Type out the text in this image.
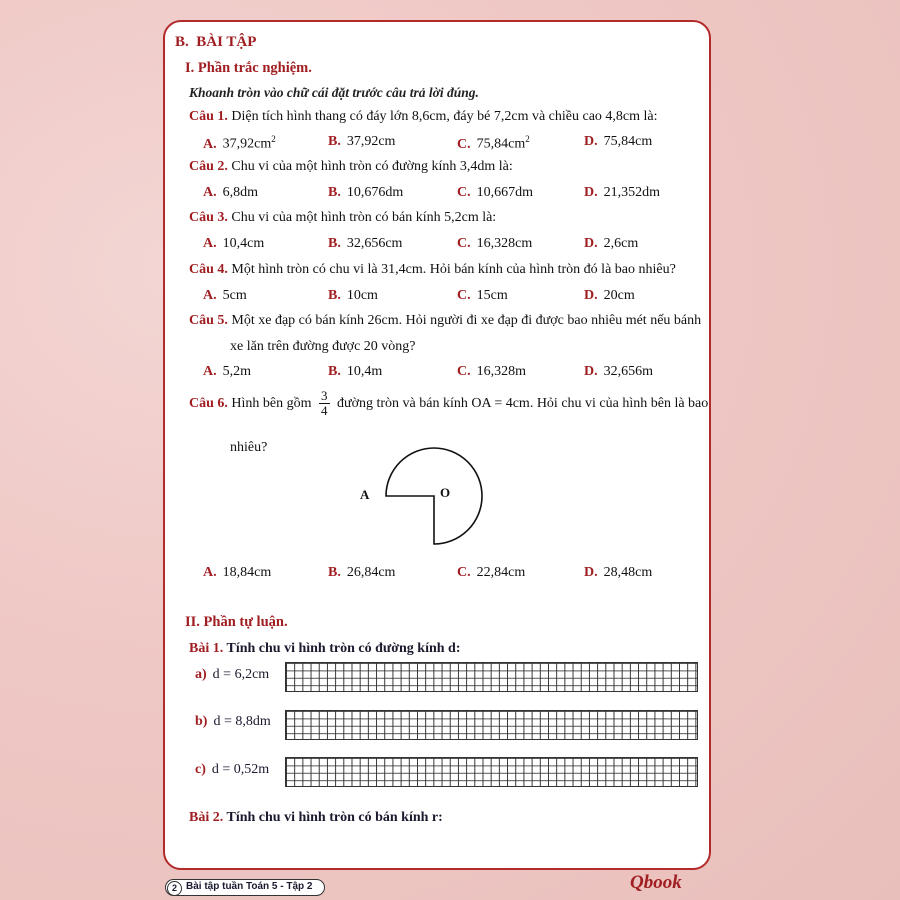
B. BÀI TẬP
I. Phần trắc nghiệm.
Khoanh tròn vào chữ cái đặt trước câu trả lời đúng.
Câu 1. Diện tích hình thang có đáy lớn 8,6cm, đáy bé 7,2cm và chiều cao 4,8cm là:
A. $37,92cm^2$	B. 37,92cm	C. $75,84cm^2$	D. 75,84cm
Câu 2. Chu vi của một hình tròn có đường kính 3,4dm là:
A. 6,8dm	B. 10,676dm	C. 10,667dm	D. 21,352dm
Câu 3. Chu vi của một hình tròn có bán kính 5,2cm là:
A. 10,4cm	B. 32,656cm	C. 16,328cm	D. 2,6cm
Câu 4. Một hình tròn có chu vi là 31,4cm. Hỏi bán kính của hình tròn đó là bao nhiêu?
A. 5cm	B. 10cm	C. 15cm	D. 20cm
Câu 5. Một xe đạp có bán kính 26cm. Hỏi người đi xe đạp đi được bao nhiêu mét nếu bánh
xe lăn trên đường được 20 vòng?
A. 5,2m	B. 10,4m	C. 16,328m	D. 32,656m
Câu 6. Hình bên gồm $\frac{3}{4}$ đường tròn và bán kính OA = 4cm. Hỏi chu vi của hình bên là bao
nhiêu?
A	O
A. 18,84cm	B. 26,84cm	C. 22,84cm	D. 28,48cm
II. Phần tự luận.
Bài 1. Tính chu vi hình tròn có đường kính d:
a) d = 6,2cm
b) d = 8,8dm
c) d = 0,52m
Bài 2. Tính chu vi hình tròn có bán kính r:
2 Bài tập tuần Toán 5 - Tập 2	Qbook
